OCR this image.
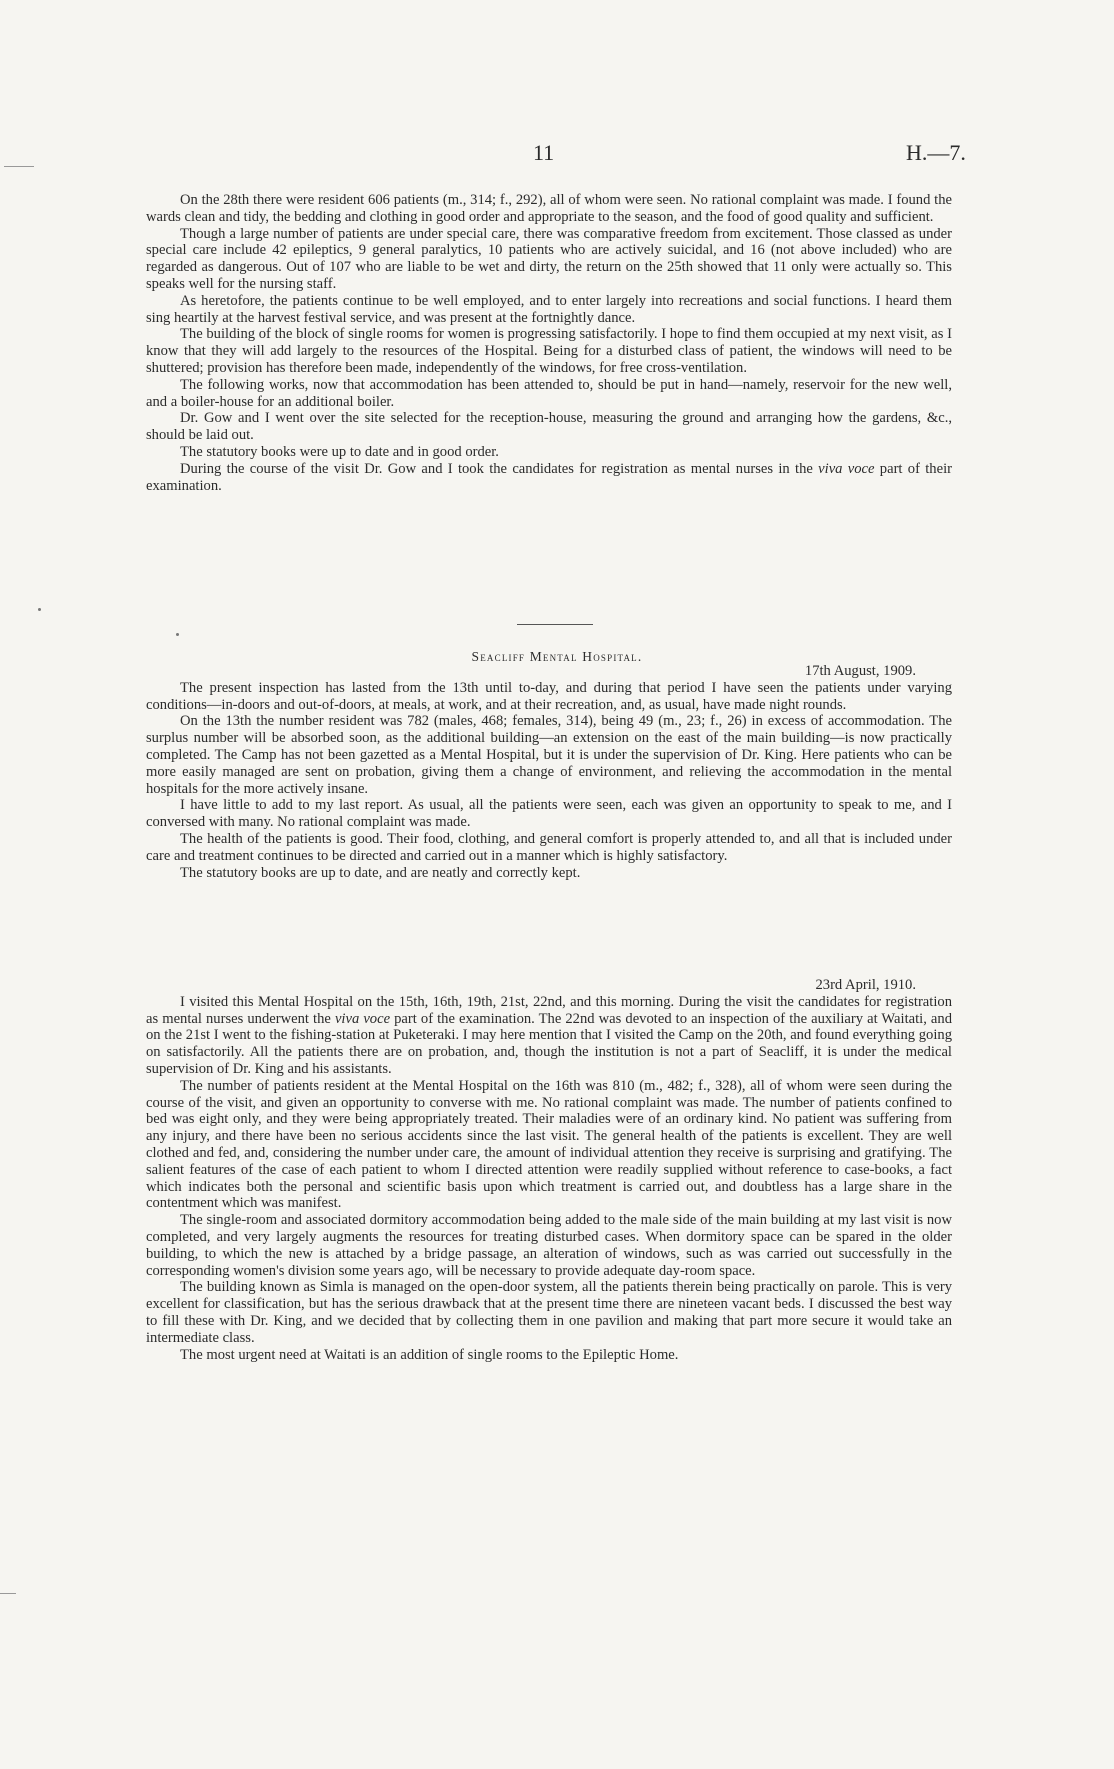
11	H.—7.

On the 28th there were resident 606 patients (m., 314; f., 292), all of whom were seen. No rational complaint was made. I found the wards clean and tidy, the bedding and clothing in good order and appropriate to the season, and the food of good quality and sufficient.

Though a large number of patients are under special care, there was comparative freedom from excitement. Those classed as under special care include 42 epileptics, 9 general paralytics, 10 patients who are actively suicidal, and 16 (not above included) who are regarded as dangerous. Out of 107 who are liable to be wet and dirty, the return on the 25th showed that 11 only were actually so. This speaks well for the nursing staff.

As heretofore, the patients continue to be well employed, and to enter largely into recreations and social functions. I heard them sing heartily at the harvest festival service, and was present at the fortnightly dance.

The building of the block of single rooms for women is progressing satisfactorily. I hope to find them occupied at my next visit, as I know that they will add largely to the resources of the Hospital. Being for a disturbed class of patient, the windows will need to be shuttered; provision has therefore been made, independently of the windows, for free cross-ventilation.

The following works, now that accommodation has been attended to, should be put in hand—namely, reservoir for the new well, and a boiler-house for an additional boiler.

Dr. Gow and I went over the site selected for the reception-house, measuring the ground and arranging how the gardens, &c., should be laid out.

The statutory books were up to date and in good order.

During the course of the visit Dr. Gow and I took the candidates for registration as mental nurses in the viva voce part of their examination.

Seacliff Mental Hospital.

17th August, 1909.

The present inspection has lasted from the 13th until to-day, and during that period I have seen the patients under varying conditions—in-doors and out-of-doors, at meals, at work, and at their recreation, and, as usual, have made night rounds.

On the 13th the number resident was 782 (males, 468; females, 314), being 49 (m., 23; f., 26) in excess of accommodation. The surplus number will be absorbed soon, as the additional building—an extension on the east of the main building—is now practically completed. The Camp has not been gazetted as a Mental Hospital, but it is under the supervision of Dr. King. Here patients who can be more easily managed are sent on probation, giving them a change of environment, and relieving the accommodation in the mental hospitals for the more actively insane.

I have little to add to my last report. As usual, all the patients were seen, each was given an opportunity to speak to me, and I conversed with many. No rational complaint was made.

The health of the patients is good. Their food, clothing, and general comfort is properly attended to, and all that is included under care and treatment continues to be directed and carried out in a manner which is highly satisfactory.

The statutory books are up to date, and are neatly and correctly kept.

23rd April, 1910.

I visited this Mental Hospital on the 15th, 16th, 19th, 21st, 22nd, and this morning. During the visit the candidates for registration as mental nurses underwent the viva voce part of the examination. The 22nd was devoted to an inspection of the auxiliary at Waitati, and on the 21st I went to the fishing-station at Puketeraki. I may here mention that I visited the Camp on the 20th, and found everything going on satisfactorily. All the patients there are on probation, and, though the institution is not a part of Seacliff, it is under the medical supervision of Dr. King and his assistants.

The number of patients resident at the Mental Hospital on the 16th was 810 (m., 482; f., 328), all of whom were seen during the course of the visit, and given an opportunity to converse with me. No rational complaint was made. The number of patients confined to bed was eight only, and they were being appropriately treated. Their maladies were of an ordinary kind. No patient was suffering from any injury, and there have been no serious accidents since the last visit. The general health of the patients is excellent. They are well clothed and fed, and, considering the number under care, the amount of individual attention they receive is surprising and gratifying. The salient features of the case of each patient to whom I directed attention were readily supplied without reference to case-books, a fact which indicates both the personal and scientific basis upon which treatment is carried out, and doubtless has a large share in the contentment which was manifest.

The single-room and associated dormitory accommodation being added to the male side of the main building at my last visit is now completed, and very largely augments the resources for treating disturbed cases. When dormitory space can be spared in the older building, to which the new is attached by a bridge passage, an alteration of windows, such as was carried out successfully in the corresponding women's division some years ago, will be necessary to provide adequate day-room space.

The building known as Simla is managed on the open-door system, all the patients therein being practically on parole. This is very excellent for classification, but has the serious drawback that at the present time there are nineteen vacant beds. I discussed the best way to fill these with Dr. King, and we decided that by collecting them in one pavilion and making that part more secure it would take an intermediate class.

The most urgent need at Waitati is an addition of single rooms to the Epileptic Home.
